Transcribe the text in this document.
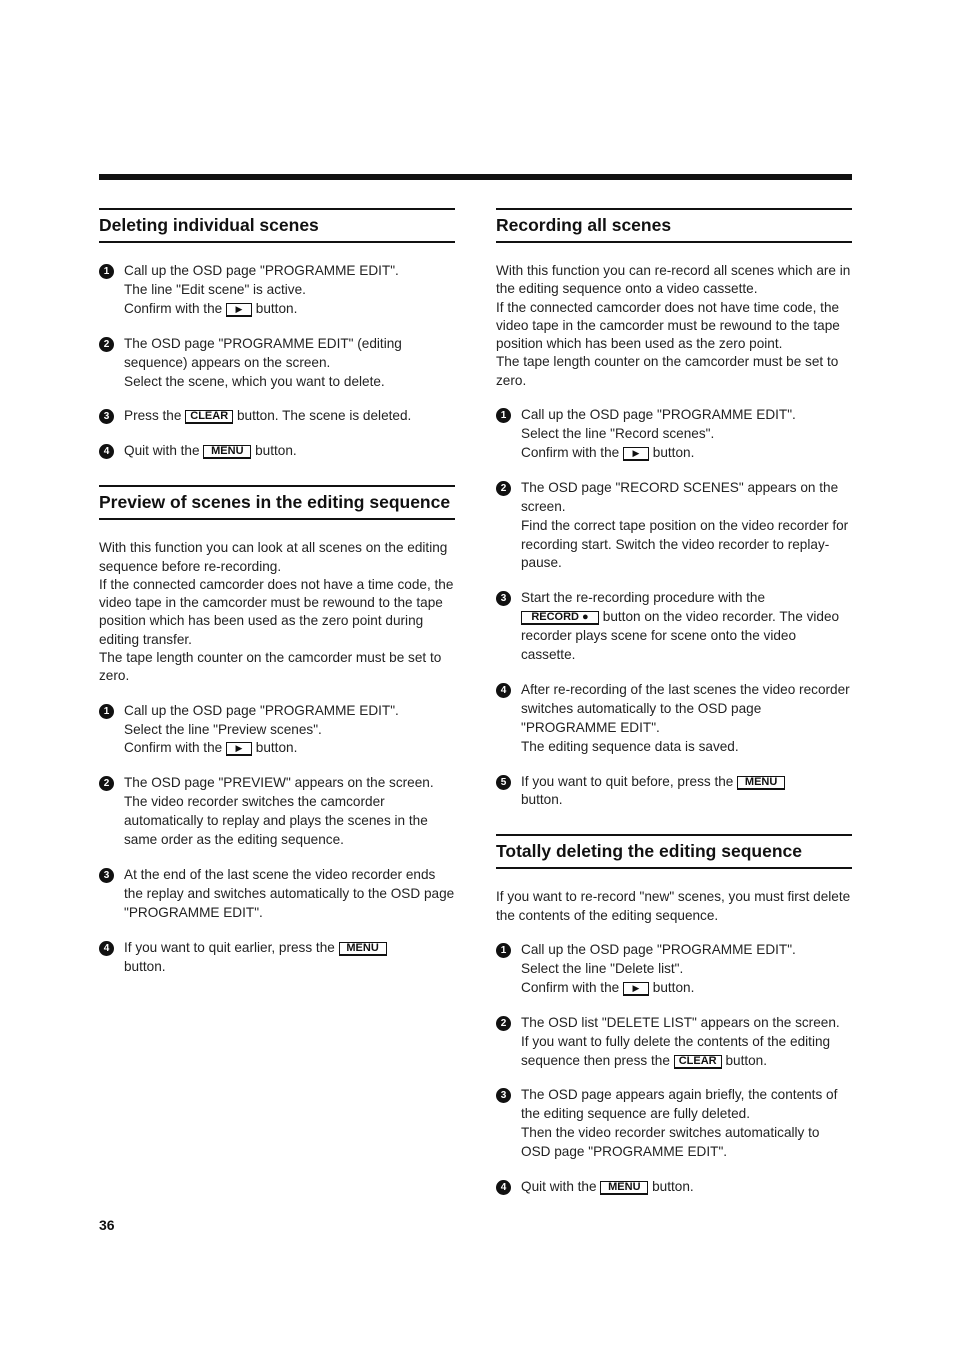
Deleting individual scenes
1	Call up the OSD page "PROGRAMME EDIT".
The line "Edit scene" is active.
Confirm with the ▶ button.
2	The OSD page "PROGRAMME EDIT" (editing sequence) appears on the screen.
Select the scene, which you want to delete.
3	Press the CLEAR button. The scene is deleted.
4	Quit with the MENU button.
Preview of scenes in the editing sequence

With this function you can look at all scenes on the editing sequence before re-recording.
If the connected camcorder does not have a time code, the video tape in the camcorder must be rewound to the tape position which has been used as the zero point during editing transfer.
The tape length counter on the camcorder must be set to zero.

1	Call up the OSD page "PROGRAMME EDIT".
Select the line "Preview scenes".
Confirm with the ▶ button.
2	The OSD page "PREVIEW" appears on the screen. The video recorder switches the camcorder automatically to replay and plays the scenes in the same order as the editing sequence.
3	At the end of the last scene the video recorder ends the replay and switches automatically to the OSD page "PROGRAMME EDIT".
4	If you want to quit earlier, press the MENU
button.
Recording all scenes

With this function you can re-record all scenes which are in the editing sequence onto a video cassette.
If the connected camcorder does not have time code, the video tape in the camcorder must be rewound to the tape position which has been used as the zero point.
The tape length counter on the camcorder must be set to zero.

1	Call up the OSD page "PROGRAMME EDIT".
Select the line "Record scenes".
Confirm with the ▶ button.
2	The OSD page "RECORD SCENES" appears on the screen.
Find the correct tape position on the video recorder for recording start. Switch the video recorder to replay-pause.
3	Start the re-recording procedure with the
RECORD ● button on the video recorder. The video recorder plays scene for scene onto the video cassette.
4	After re-recording of the last scenes the video recorder switches automatically to the OSD page "PROGRAMME EDIT".
The editing sequence data is saved.
5	If you want to quit before, press the MENU
button.
Totally deleting the editing sequence

If you want to re-record "new" scenes, you must first delete the contents of the editing sequence.

1	Call up the OSD page "PROGRAMME EDIT".
Select the line "Delete list".
Confirm with the ▶ button.
2	The OSD list "DELETE LIST" appears on the screen.
If you want to fully delete the contents of the editing sequence then press the CLEAR button.
3	The OSD page appears again briefly, the contents of the editing sequence are fully deleted.
Then the video recorder switches automatically to OSD page "PROGRAMME EDIT".
4	Quit with the MENU button.
36
